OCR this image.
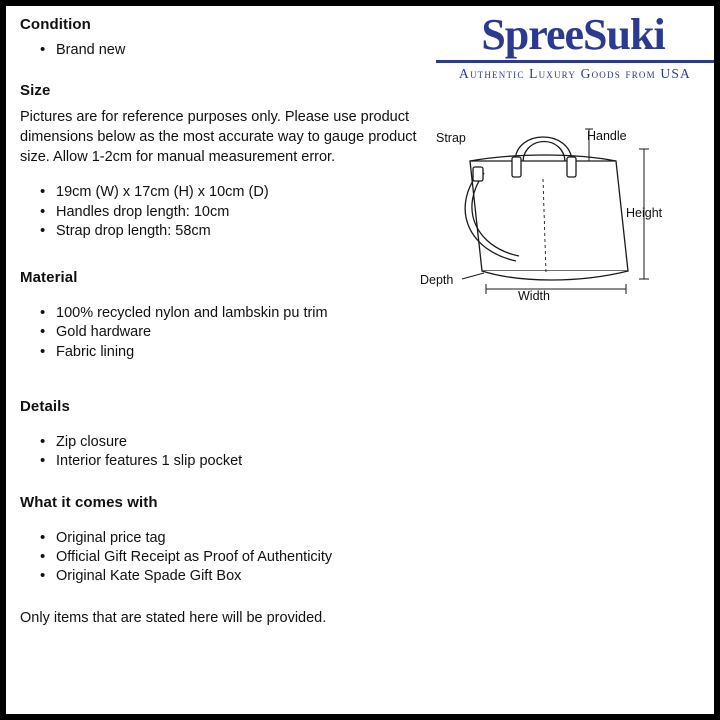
SpreeSuki
Authentic Luxury Goods from USA
Strap	Handle
Height
Depth
Width
Condition
• Brand new
Size

Pictures are for reference purposes only. Please use product dimensions below as the most accurate way to gauge product size. Allow 1-2cm for manual measurement error.

• 19cm (W) x 17cm (H) x 10cm (D)
• Handles drop length: 10cm
• Strap drop length: 58cm
Material
• 100% recycled nylon and lambskin pu trim
• Gold hardware
• Fabric lining
Details
• Zip closure
• Interior features 1 slip pocket
What it comes with
• Original price tag
• Official Gift Receipt as Proof of Authenticity
• Original Kate Spade Gift Box

Only items that are stated here will be provided.
